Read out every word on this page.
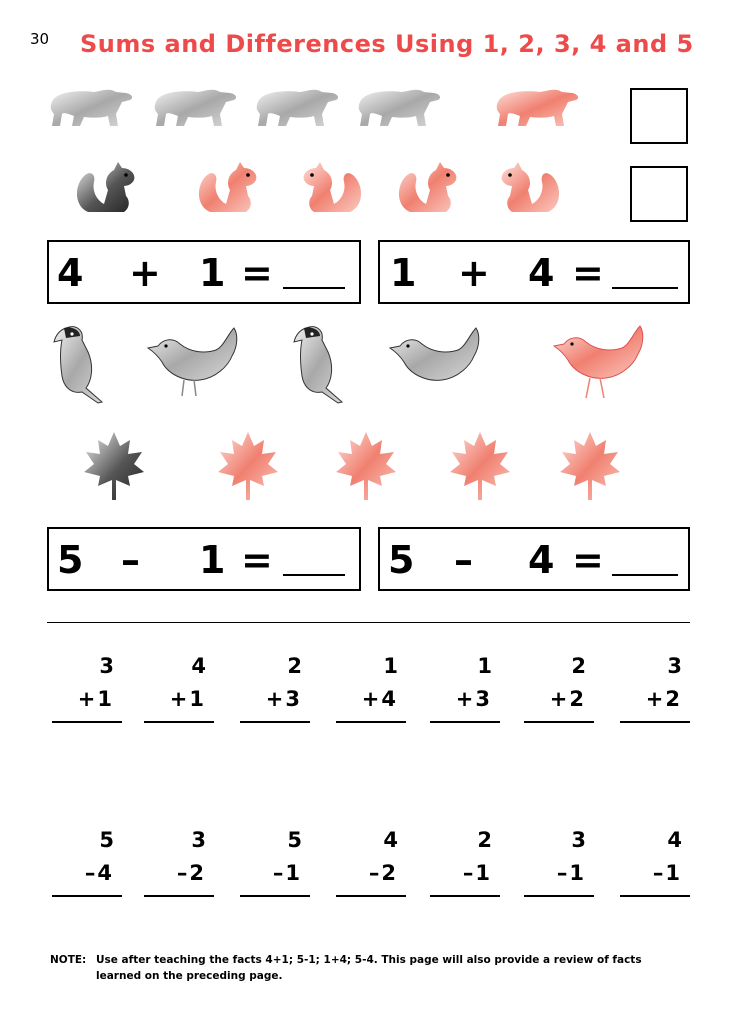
30 Sums and Differences Using 1, 2, 3, 4 and 5
4 + 1 =	1 + 4 =
5 – 1 =	5 – 4 =
3
+1
4
+1
2
+3
1
+4
1
+3
2
+2
3
+2
5
–4
3
–2
5
–1
4
–2
2
–1
3
–1
4
–1
NOTE: Use after teaching the facts 4+1; 5-1; 1+4; 5-4. This page will also provide a review of facts learned on the preceding page.
